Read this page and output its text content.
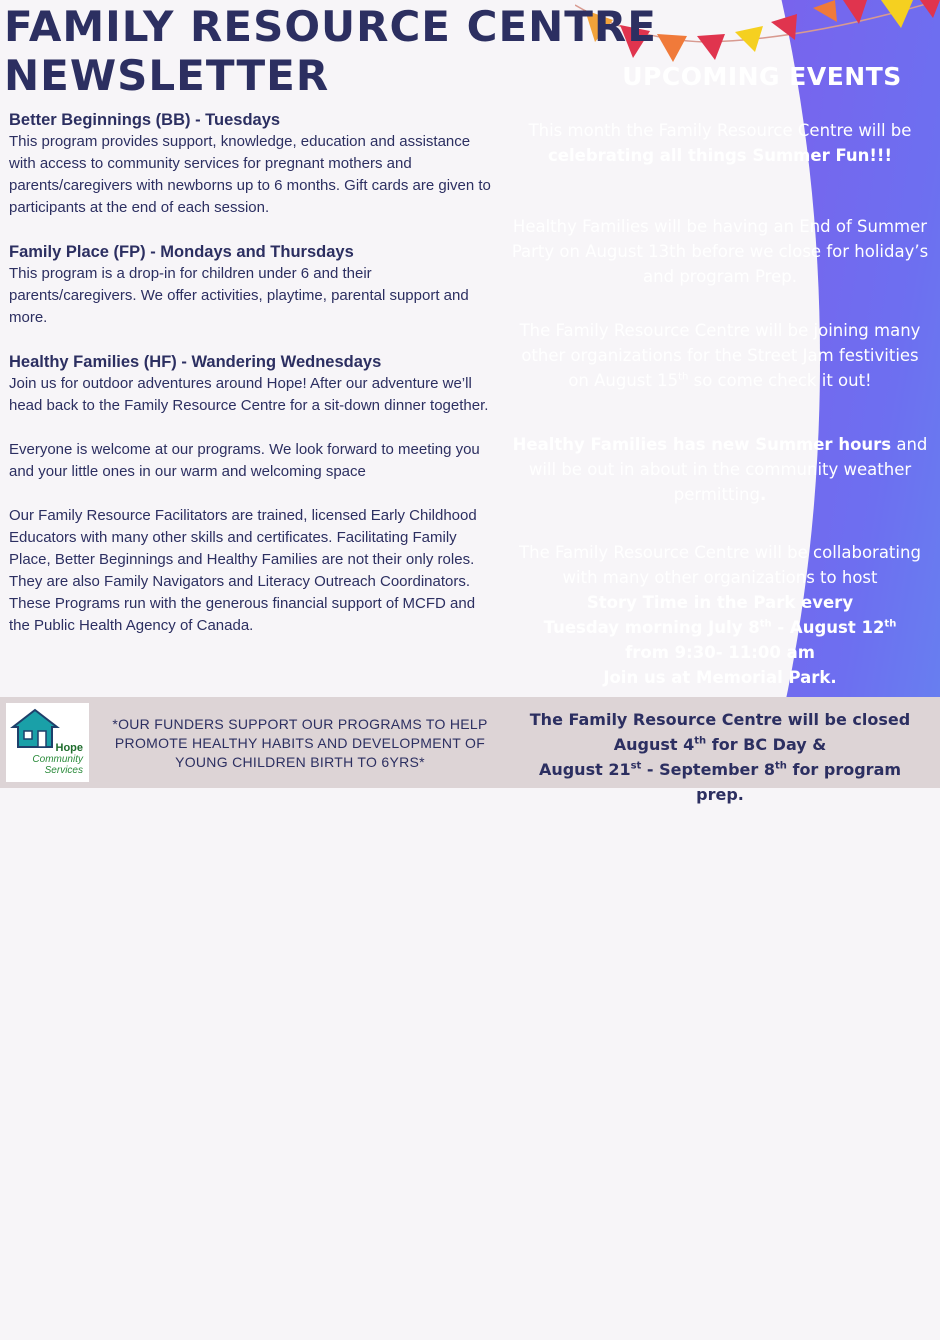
FAMILY RESOURCE CENTRE
NEWSLETTER	UPCOMING EVENTS
Better Beginnings (BB) - Tuesdays

This program provides support, knowledge, education and assistance with access to community services for pregnant mothers and parents/caregivers with newborns up to 6 months. Gift cards are given to participants at the end of each session.

Family Place (FP) - Mondays and Thursdays

This program is a drop-in for children under 6 and their parents/caregivers. We offer activities, playtime, parental support and more.

Healthy Families (HF) - Wandering Wednesdays

Join us for outdoor adventures around Hope! After our adventure we’ll head back to the Family Resource Centre for a sit-down dinner together.

Everyone is welcome at our programs. We look forward to meeting you and your little ones in our warm and welcoming space

Our Family Resource Facilitators are trained, licensed Early Childhood Educators with many other skills and certificates. Facilitating Family Place, Better Beginnings and Healthy Families are not their only roles. They are also Family Navigators and Literacy Outreach Coordinators.

These Programs run with the generous financial support of MCFD and the Public Health Agency of Canada.

This month the Family Resource Centre will be celebrating all things Summer Fun!!!

Healthy Families will be having an End of Summer Party on August 13th before we close for holiday’s and program Prep.

The Family Resource Centre will be joining many other organizations for the Street Jam festivities on August 15th so come check it out!

Healthy Families has new Summer hours and will be out in about in the community weather permitting.

The Family Resource Centre will be collaborating with many other organizations to host
Story Time in the Park every
Tuesday morning July 8th - August 12th
from 9:30- 11:00 am
Join us at Memorial Park.

Hope
Community
Services
*OUR FUNDERS SUPPORT OUR PROGRAMS TO HELP PROMOTE HEALTHY HABITS AND DEVELOPMENT OF YOUNG CHILDREN BIRTH TO 6YRS*
The Family Resource Centre will be closed
August 4th for BC Day &
August 21st - September 8th for program prep.
